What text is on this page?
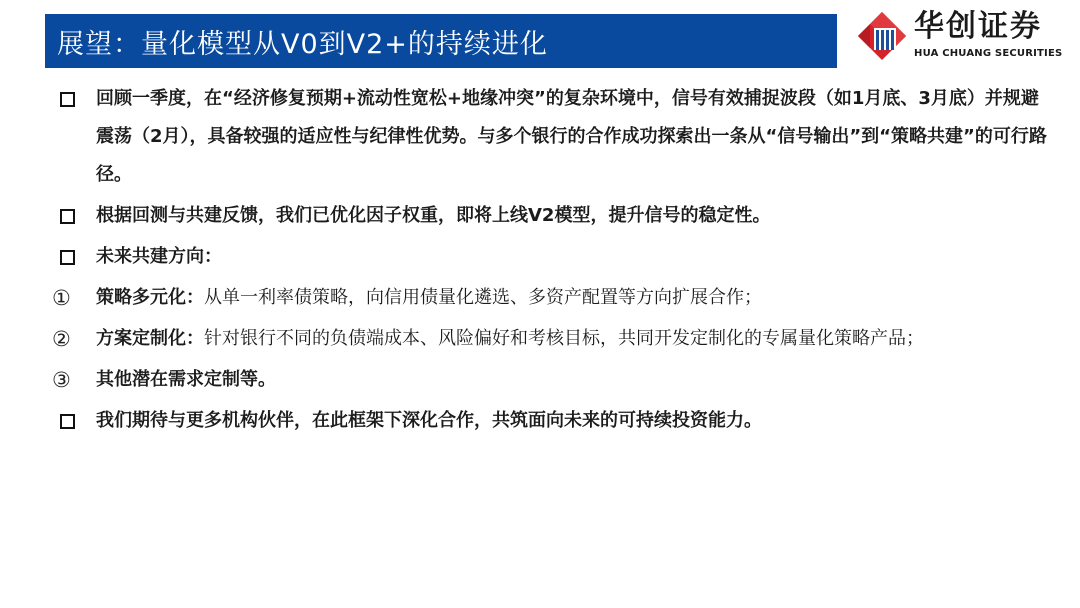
展望：量化模型从V0到V2+的持续进化	华创证券
HUA CHUANG SECURITIES
回顾一季度，在“经济修复预期+流动性宽松+地缘冲突”的复杂环境中，信号有效捕捉波段（如1月底、3月底）并规避震荡（2月），具备较强的适应性与纪律性优势。与多个银行的合作成功探索出一条从“信号输出”到“策略共建”的可行路径。
根据回测与共建反馈，我们已优化因子权重，即将上线V2模型，提升信号的稳定性。
未来共建方向：
① 策略多元化：从单一利率债策略，向信用债量化遴选、多资产配置等方向扩展合作；
② 方案定制化：针对银行不同的负债端成本、风险偏好和考核目标，共同开发定制化的专属量化策略产品；
③ 其他潜在需求定制等。
我们期待与更多机构伙伴，在此框架下深化合作，共筑面向未来的可持续投资能力。
